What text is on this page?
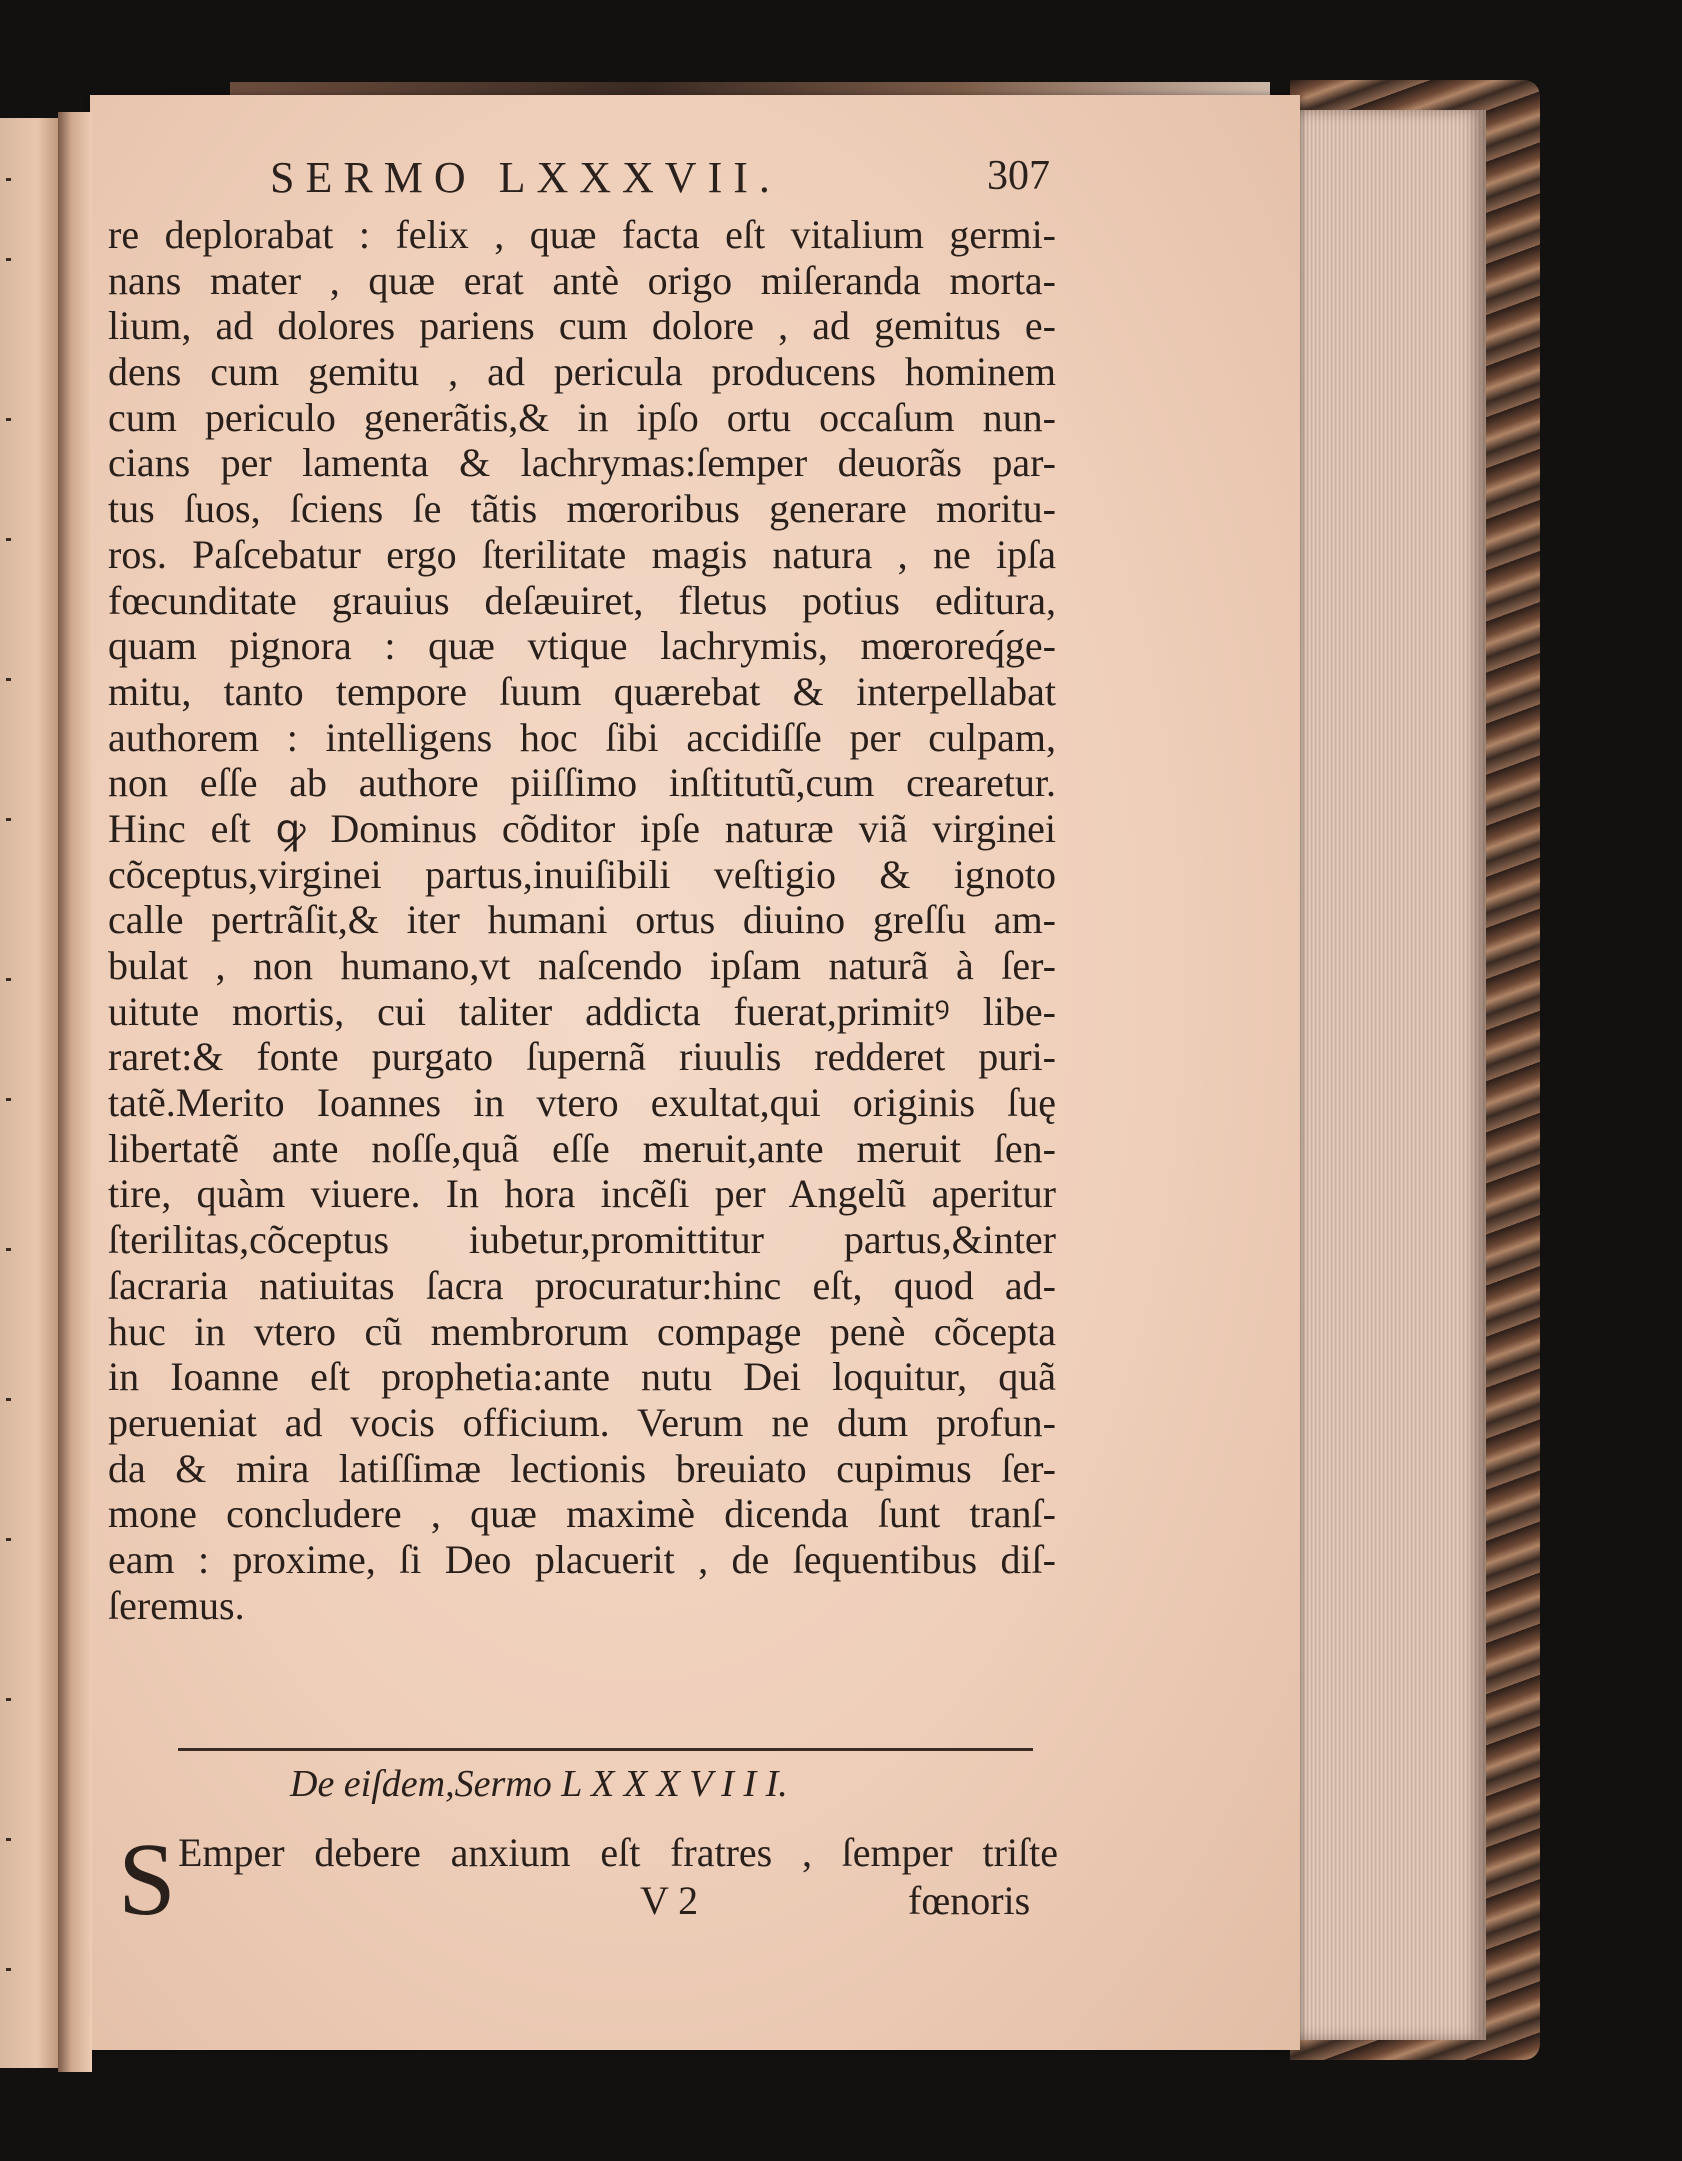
SERMO LXXXVII.	307
re deplorabat : felix , quæ facta eſt vitalium germi-
nans mater , quæ erat antè origo miſeranda morta-
lium, ad dolores pariens cum dolore , ad gemitus e-
dens cum gemitu , ad pericula producens hominem
cum periculo generãtis,& in ipſo ortu occaſum nun-
cians per lamenta & lachrymas:ſemper deuorãs par-
tus ſuos, ſciens ſe tãtis mœroribus generare moritu-
ros. Paſcebatur ergo ſterilitate magis natura , ne ipſa
fœcunditate grauius deſæuiret, fletus potius editura,
quam pignora : quæ vtique lachrymis, mœroreq́ge-
mitu, tanto tempore ſuum quærebat & interpellabat
authorem : intelligens hoc ſibi accidiſſe per culpam,
non eſſe ab authore piiſſimo inſtitutũ,cum crearetur.
Hinc eſt ꝙ Dominus cõditor ipſe naturæ viã virginei
cõceptus,virginei partus,inuiſibili veſtigio & ignoto
calle pertrãſit,& iter humani ortus diuino greſſu am-
bulat , non humano,vt naſcendo ipſam naturã à ſer-
uitute mortis, cui taliter addicta fuerat,primitꝰ libe-
raret:& fonte purgato ſupernã riuulis redderet puri-
tatẽ.Merito Ioannes in vtero exultat,qui originis ſuę
libertatẽ ante noſſe,quã eſſe meruit,ante meruit ſen-
tire, quàm viuere. In hora incẽſi per Angelũ aperitur
ſterilitas,cõceptus iubetur,promittitur partus,&inter
ſacraria natiuitas ſacra procuratur:hinc eſt, quod ad-
huc in vtero cũ membrorum compage penè cõcepta
in Ioanne eſt prophetia:ante nutu Dei loquitur, quã
perueniat ad vocis officium. Verum ne dum profun-
da & mira latiſſimæ lectionis breuiato cupimus ſer-
mone concludere , quæ maximè dicenda ſunt tranſ-
eam : proxime, ſi Deo placuerit , de ſequentibus diſ-
ſeremus.
De eiſdem,Sermo L X X X V I I I.
S Emper debere anxium eſt fratres , ſemper triſte
V 2	fœnoris
